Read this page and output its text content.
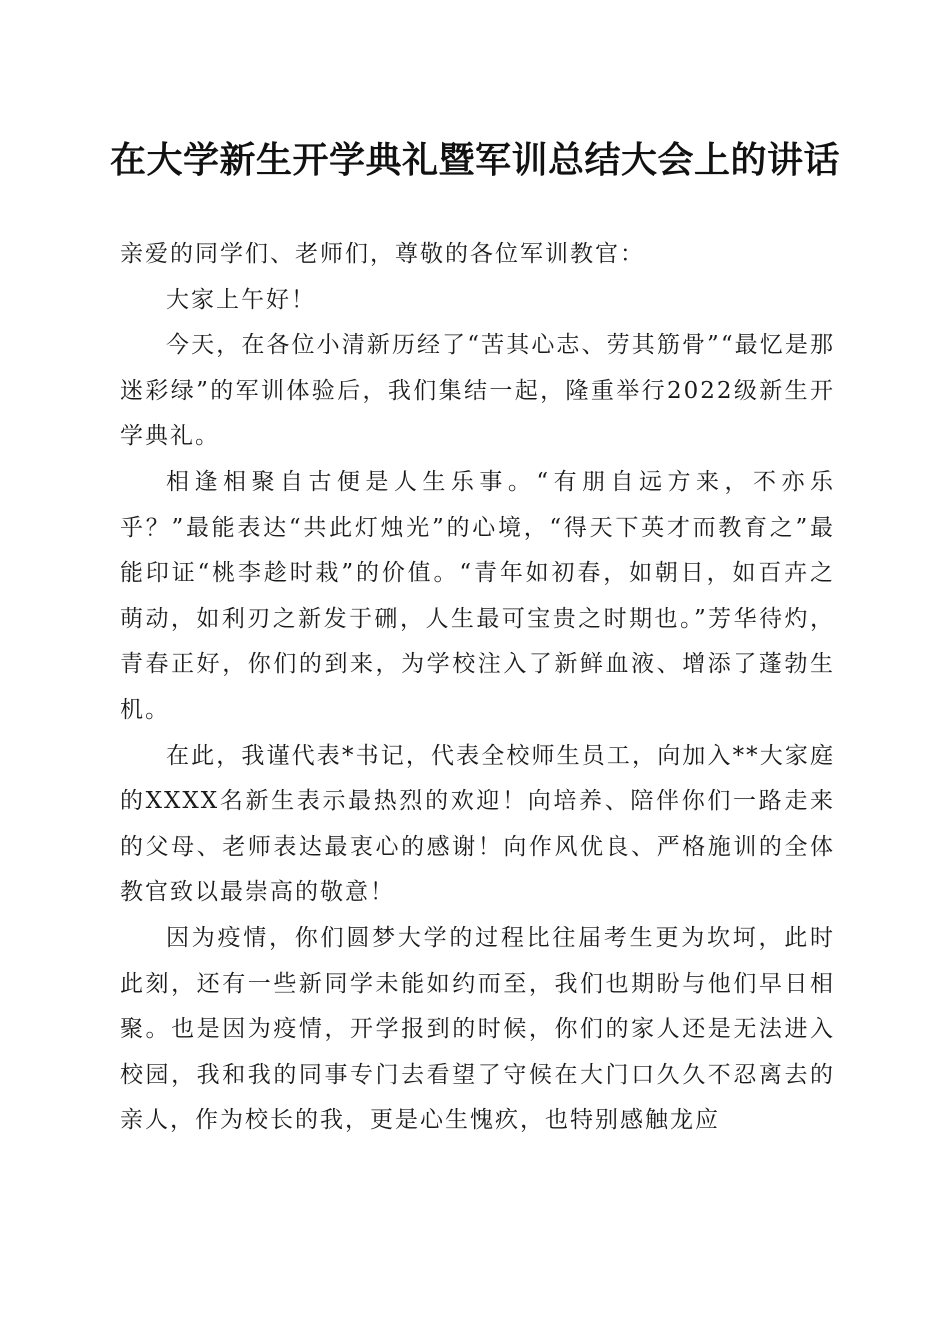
在大学新生开学典礼暨军训总结大会上的讲话

亲爱的同学们、老师们，尊敬的各位军训教官：

大家上午好！

今天，在各位小清新历经了“苦其心志、劳其筋骨”“最忆是那迷彩绿”的军训体验后，我们集结一起，隆重举行2022级新生开学典礼。

相逢相聚自古便是人生乐事。“有朋自远方来，不亦乐乎？”最能表达“共此灯烛光”的心境，“得天下英才而教育之”最能印证“桃李趁时栽”的价值。“青年如初春，如朝日，如百卉之萌动，如利刃之新发于硎，人生最可宝贵之时期也。”芳华待灼，青春正好，你们的到来，为学校注入了新鲜血液、增添了蓬勃生机。

在此，我谨代表*书记，代表全校师生员工，向加入**大家庭的XXXX名新生表示最热烈的欢迎！向培养、陪伴你们一路走来的父母、老师表达最衷心的感谢！向作风优良、严格施训的全体教官致以最崇高的敬意！

因为疫情，你们圆梦大学的过程比往届考生更为坎坷，此时此刻，还有一些新同学未能如约而至，我们也期盼与他们早日相聚。也是因为疫情，开学报到的时候，你们的家人还是无法进入校园，我和我的同事专门去看望了守候在大门口久久不忍离去的亲人，作为校长的我，更是心生愧疚，也特别感触龙应
